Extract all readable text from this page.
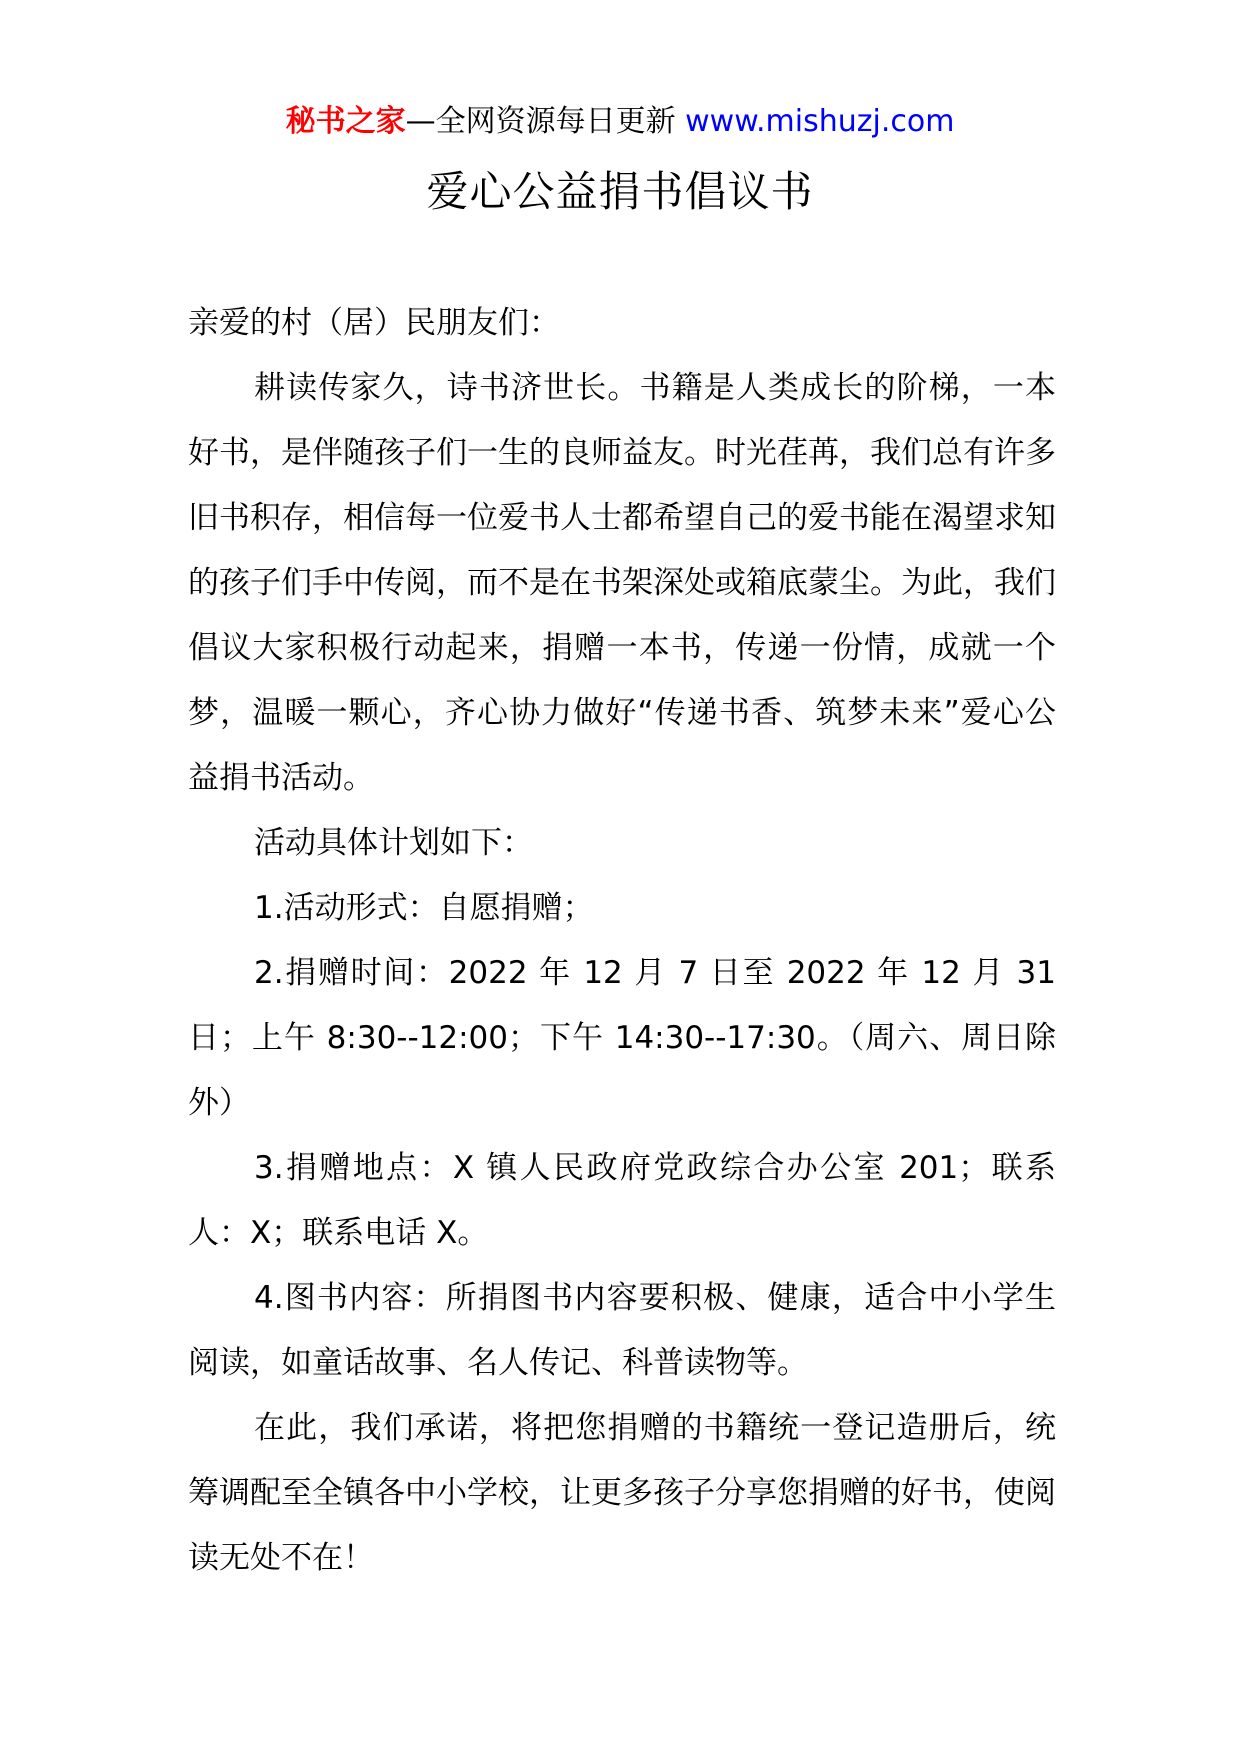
秘书之家—全网资源每日更新 www.mishuzj.com
爱心公益捐书倡议书

亲爱的村（居）民朋友们：

耕读传家久，诗书济世长。书籍是人类成长的阶梯，一本好书，是伴随孩子们一生的良师益友。时光荏苒，我们总有许多旧书积存，相信每一位爱书人士都希望自己的爱书能在渴望求知的孩子们手中传阅，而不是在书架深处或箱底蒙尘。为此，我们倡议大家积极行动起来，捐赠一本书，传递一份情，成就一个梦，温暖一颗心，齐心协力做好“传递书香、筑梦未来”爱心公益捐书活动。

活动具体计划如下：

1.活动形式：自愿捐赠；

2.捐赠时间：2022 年 12 月 7 日至 2022 年 12 月 31 日；上午 8:30--12:00；下午 14:30--17:30。（周六、周日除外）

3.捐赠地点：X 镇人民政府党政综合办公室 201；联系人：X；联系电话 X。

4.图书内容：所捐图书内容要积极、健康，适合中小学生阅读，如童话故事、名人传记、科普读物等。

在此，我们承诺，将把您捐赠的书籍统一登记造册后，统筹调配至全镇各中小学校，让更多孩子分享您捐赠的好书，使阅读无处不在！
